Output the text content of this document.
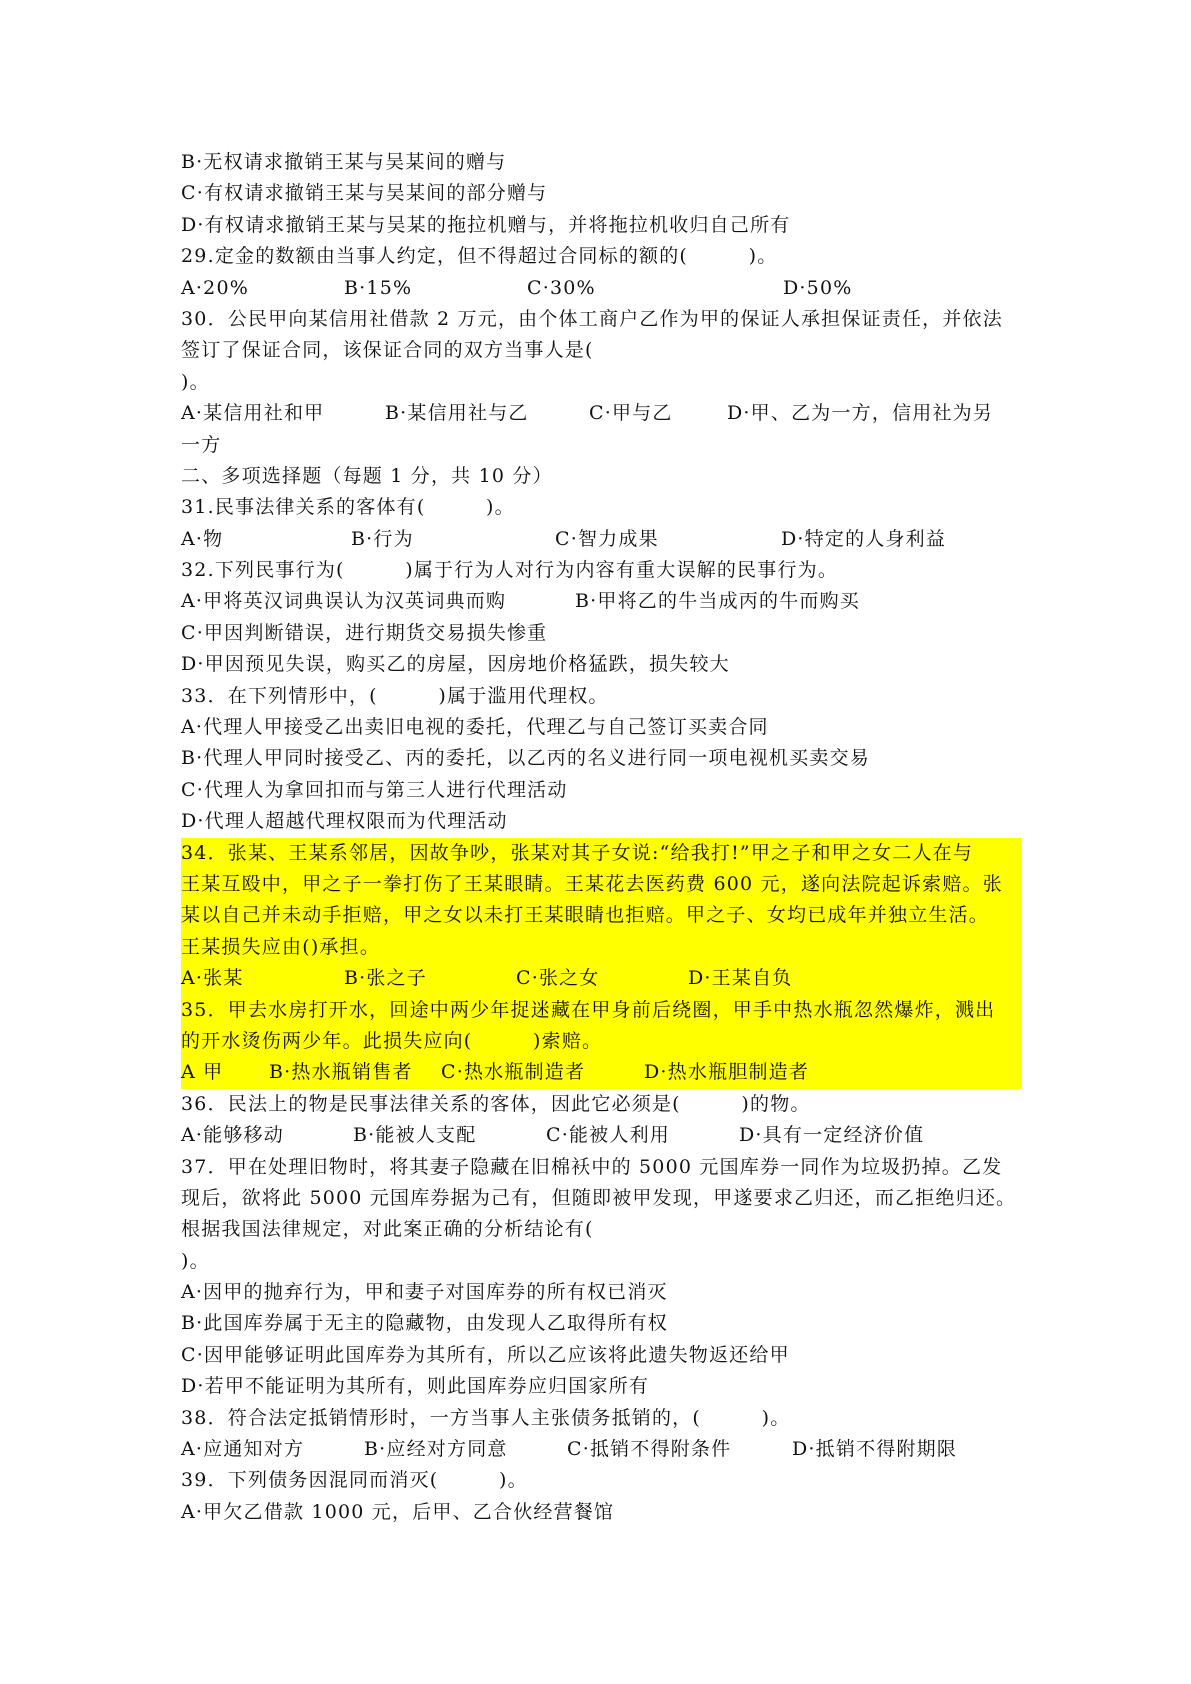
B·无权请求撤销王某与吴某间的赠与
C·有权请求撤销王某与吴某间的部分赠与
D·有权请求撤销王某与吴某的拖拉机赠与，并将拖拉机收归自己所有
29.定金的数额由当事人约定，但不得超过合同标的额的(　　　)。
A·20%	B·15%	C·30%	D·50%
30．公民甲向某信用社借款 2 万元，由个体工商户乙作为甲的保证人承担保证责任，并依法
签订了保证合同，该保证合同的双方当事人是(
)。
A·某信用社和甲	B·某信用社与乙	C·甲与乙	D·甲、乙为一方，信用社为另
一方
二、多项选择题（每题 1 分，共 10 分）
31.民事法律关系的客体有(　　　)。
A·物	B·行为	C·智力成果	D·特定的人身利益
32.下列民事行为(　　　)属于行为人对行为内容有重大误解的民事行为。
A·甲将英汉词典误认为汉英词典而购	B·甲将乙的牛当成丙的牛而购买
C·甲因判断错误，进行期货交易损失惨重
D·甲因预见失误，购买乙的房屋，因房地价格猛跌，损失较大
33．在下列情形中，(　　　)属于滥用代理权。
A·代理人甲接受乙出卖旧电视的委托，代理乙与自己签订买卖合同
B·代理人甲同时接受乙、丙的委托，以乙丙的名义进行同一项电视机买卖交易
C·代理人为拿回扣而与第三人进行代理活动
D·代理人超越代理权限而为代理活动
34．张某、王某系邻居，因故争吵，张某对其子女说:“给我打!”甲之子和甲之女二人在与
王某互殴中，甲之子一拳打伤了王某眼睛。王某花去医药费 600 元，遂向法院起诉索赔。张
某以自己并未动手拒赔，甲之女以未打王某眼睛也拒赔。甲之子、女均已成年并独立生活。
王某损失应由()承担。
A·张某	B·张之子	C·张之女	D·王某自负
35．甲去水房打开水，回途中两少年捉迷藏在甲身前后绕圈，甲手中热水瓶忽然爆炸，溅出
的开水烫伤两少年。此损失应向(　　　)索赔。
A 甲 B·热水瓶销售者 C·热水瓶制造者	D·热水瓶胆制造者
36．民法上的物是民事法律关系的客体，因此它必须是(　　　)的物。
A·能够移动	B·能被人支配	C·能被人利用	D·具有一定经济价值
37．甲在处理旧物时，将其妻子隐藏在旧棉袄中的 5000 元国库券一同作为垃圾扔掉。乙发
现后，欲将此 5000 元国库券据为己有，但随即被甲发现，甲遂要求乙归还，而乙拒绝归还。
根据我国法律规定，对此案正确的分析结论有(
)。
A·因甲的抛弃行为，甲和妻子对国库券的所有权已消灭
B·此国库券属于无主的隐藏物，由发现人乙取得所有权
C·因甲能够证明此国库券为其所有，所以乙应该将此遗失物返还给甲
D·若甲不能证明为其所有，则此国库券应归国家所有
38．符合法定抵销情形时，一方当事人主张债务抵销的，(　　　)。
A·应通知对方	B·应经对方同意	C·抵销不得附条件	D·抵销不得附期限
39．下列债务因混同而消灭(　　　)。
A·甲欠乙借款 1000 元，后甲、乙合伙经营餐馆
